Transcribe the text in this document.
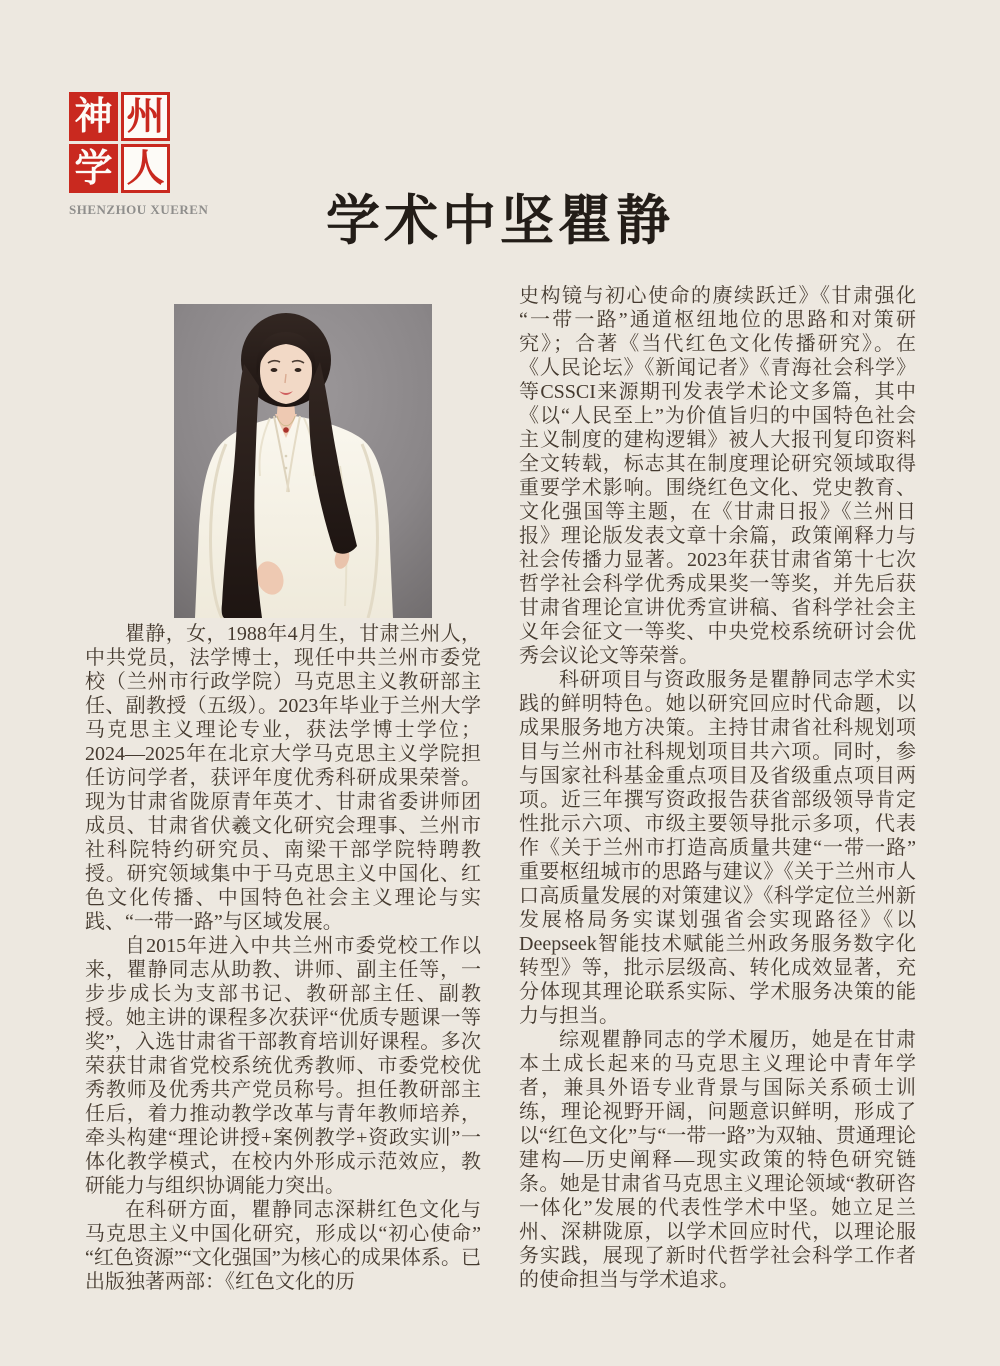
神 州
学 人
SHENZHOU XUEREN	学术中坚瞿静

瞿静，女，1988年4月生，甘肃兰州人，中共党员，法学博士，现任中共兰州市委党校（兰州市行政学院）马克思主义教研部主任、副教授（五级）。2023年毕业于兰州大学马克思主义理论专业，获法学博士学位；2024—2025年在北京大学马克思主义学院担任访问学者，获评年度优秀科研成果荣誉。现为甘肃省陇原青年英才、甘肃省委讲师团成员、甘肃省伏羲文化研究会理事、兰州市社科院特约研究员、南梁干部学院特聘教授。研究领域集中于马克思主义中国化、红色文化传播、中国特色社会主义理论与实践、“一带一路”与区域发展。

自2015年进入中共兰州市委党校工作以来，瞿静同志从助教、讲师、副主任等，一步步成长为支部书记、教研部主任、副教授。她主讲的课程多次获评“优质专题课一等奖”，入选甘肃省干部教育培训好课程。多次荣获甘肃省党校系统优秀教师、市委党校优秀教师及优秀共产党员称号。担任教研部主任后，着力推动教学改革与青年教师培养，牵头构建“理论讲授+案例教学+资政实训”一体化教学模式，在校内外形成示范效应，教研能力与组织协调能力突出。

在科研方面，瞿静同志深耕红色文化与马克思主义中国化研究，形成以“初心使命”“红色资源”“文化强国”为核心的成果体系。已出版独著两部：《红色文化的历

史构镜与初心使命的赓续跃迁》《甘肃强化“一带一路”通道枢纽地位的思路和对策研究》；合著《当代红色文化传播研究》。在《人民论坛》《新闻记者》《青海社会科学》等CSSCI来源期刊发表学术论文多篇，其中《以“人民至上”为价值旨归的中国特色社会主义制度的建构逻辑》被人大报刊复印资料全文转载，标志其在制度理论研究领域取得重要学术影响。围绕红色文化、党史教育、文化强国等主题，在《甘肃日报》《兰州日报》理论版发表文章十余篇，政策阐释力与社会传播力显著。2023年获甘肃省第十七次哲学社会科学优秀成果奖一等奖，并先后获甘肃省理论宣讲优秀宣讲稿、省科学社会主义年会征文一等奖、中央党校系统研讨会优秀会议论文等荣誉。

科研项目与资政服务是瞿静同志学术实践的鲜明特色。她以研究回应时代命题，以成果服务地方决策。主持甘肃省社科规划项目与兰州市社科规划项目共六项。同时，参与国家社科基金重点项目及省级重点项目两项。近三年撰写资政报告获省部级领导肯定性批示六项、市级主要领导批示多项，代表作《关于兰州市打造高质量共建“一带一路”重要枢纽城市的思路与建议》《关于兰州市人口高质量发展的对策建议》《科学定位兰州新发展格局务实谋划强省会实现路径》《以Deepseek智能技术赋能兰州政务服务数字化转型》等，批示层级高、转化成效显著，充分体现其理论联系实际、学术服务决策的能力与担当。

综观瞿静同志的学术履历，她是在甘肃本土成长起来的马克思主义理论中青年学者，兼具外语专业背景与国际关系硕士训练，理论视野开阔，问题意识鲜明，形成了以“红色文化”与“一带一路”为双轴、贯通理论建构—历史阐释—现实政策的特色研究链条。她是甘肃省马克思主义理论领域“教研咨一体化”发展的代表性学术中坚。她立足兰州、深耕陇原，以学术回应时代，以理论服务实践，展现了新时代哲学社会科学工作者的使命担当与学术追求。
